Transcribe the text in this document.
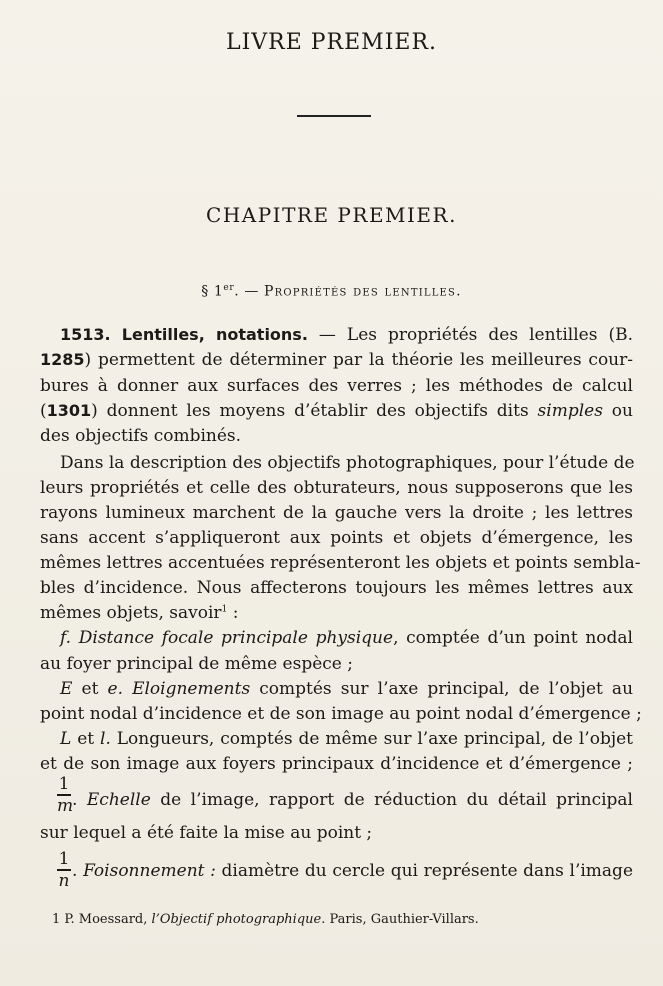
LIVRE PREMIER.
CHAPITRE PREMIER.
§ 1er. — Propriétés des lentilles.
1513. Lentilles, notations. — Les propriétés des lentilles (B.
1285) permettent de déterminer par la théorie les meilleures cour-
bures à donner aux surfaces des verres ; les méthodes de calcul
(1301) donnent les moyens d’établir des objectifs dits simples ou
des objectifs combinés.
Dans la description des objectifs photographiques, pour l’étude de
leurs propriétés et celle des obturateurs, nous supposerons que les
rayons lumineux marchent de la gauche vers la droite ; les lettres
sans accent s’appliqueront aux points et objets d’émergence, les
mêmes lettres accentuées représenteront les objets et points sembla-
bles d’incidence. Nous affecterons toujours les mêmes lettres aux
mêmes objets, savoir$^1$ :
f. Distance focale principale physique, comptée d’un point nodal
au foyer principal de même espèce ;
E et e. Eloignements comptés sur l’axe principal, de l’objet au
point nodal d’incidence et de son image au point nodal d’émergence ;
L et l. Longueurs, comptés de même sur l’axe principal, de l’objet
et de son image aux foyers principaux d’incidence et d’émergence ;
1
m
. Echelle de l’image, rapport de réduction du détail principal
sur lequel a été faite la mise au point ;
1
n . Foisonnement : diamètre du cercle qui représente dans l’image
1 P. Moessard, l’Objectif photographique. Paris, Gauthier-Villars.
